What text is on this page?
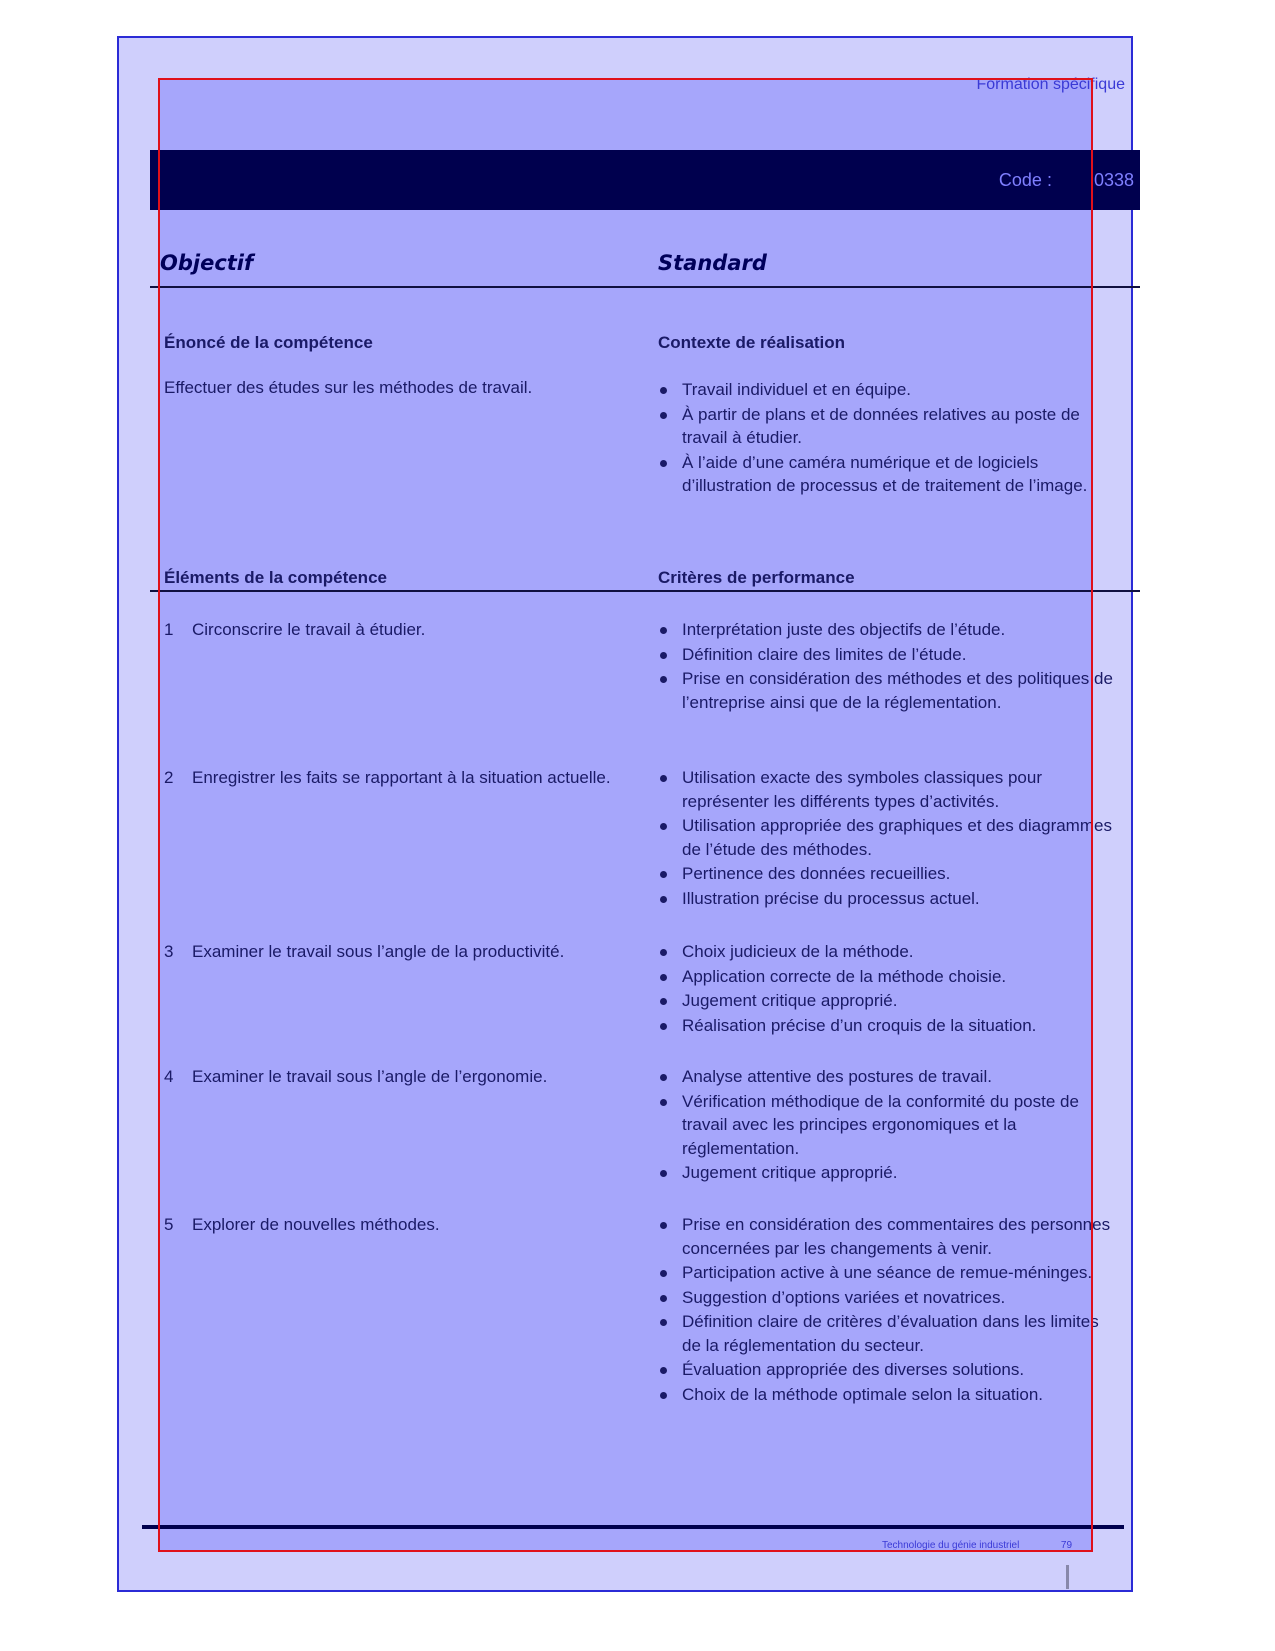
Formation spécifique
Code : 0338
Objectif	Standard
Énoncé de la compétence	Contexte de réalisation
Effectuer des études sur les méthodes de travail.	Travail individuel et en équipe.
À partir de plans et de données relatives au poste de travail à étudier.
À l’aide d’une caméra numérique et de logiciels d’illustration de processus et de traitement de l’image.
Éléments de la compétence	Critères de performance
1 Circonscrire le travail à étudier.	Interprétation juste des objectifs de l’étude.
Définition claire des limites de l’étude.
Prise en considération des méthodes et des politiques de l’entreprise ainsi que de la réglementation.
2 Enregistrer les faits se rapportant à la situation actuelle.	Utilisation exacte des symboles classiques pour représenter les différents types d’activités.
Utilisation appropriée des graphiques et des diagrammes de l’étude des méthodes.
Pertinence des données recueillies.
Illustration précise du processus actuel.
3 Examiner le travail sous l’angle de la productivité.	Choix judicieux de la méthode.
Application correcte de la méthode choisie.
Jugement critique approprié.
Réalisation précise d’un croquis de la situation.
4 Examiner le travail sous l’angle de l’ergonomie.	Analyse attentive des postures de travail.
Vérification méthodique de la conformité du poste de travail avec les principes ergonomiques et la réglementation.
Jugement critique approprié.
5 Explorer de nouvelles méthodes.	Prise en considération des commentaires des personnes concernées par les changements à venir.
Participation active à une séance de remue-méninges.
Suggestion d’options variées et novatrices.
Définition claire de critères d’évaluation dans les limites de la réglementation du secteur.
Évaluation appropriée des diverses solutions.
Choix de la méthode optimale selon la situation.
Technologie du génie industriel	79
